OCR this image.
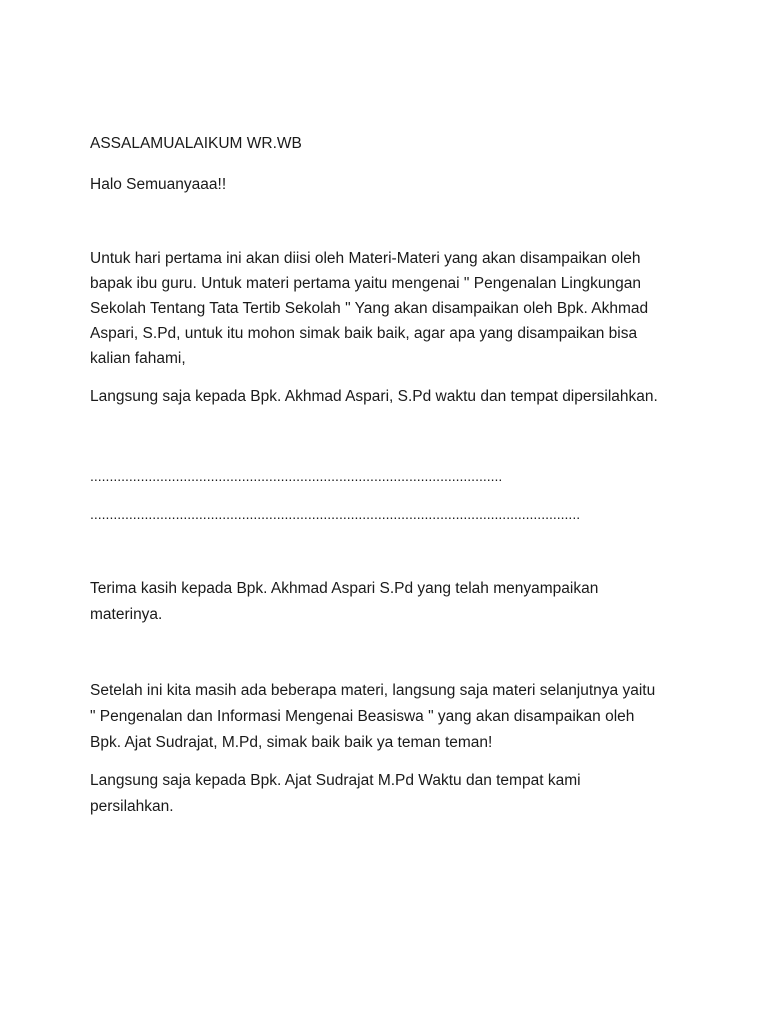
ASSALAMUALAIKUM WR.WB

Halo Semuanyaaa!!

Untuk hari pertama ini akan diisi oleh Materi-Materi yang akan disampaikan oleh

bapak ibu guru. Untuk materi pertama yaitu mengenai " Pengenalan Lingkungan

Sekolah Tentang Tata Tertib Sekolah " Yang akan disampaikan oleh Bpk. Akhmad

Aspari, S.Pd, untuk itu mohon simak baik baik, agar apa yang disampaikan bisa

kalian fahami,

Langsung saja kepada Bpk. Akhmad Aspari, S.Pd waktu dan tempat dipersilahkan.

..........................................................................................................

..............................................................................................................................

Terima kasih kepada Bpk. Akhmad Aspari S.Pd yang telah menyampaikan

materinya.

Setelah ini kita masih ada beberapa materi, langsung saja materi selanjutnya yaitu

" Pengenalan dan Informasi Mengenai Beasiswa " yang akan disampaikan oleh

Bpk. Ajat Sudrajat, M.Pd, simak baik baik ya teman teman!

Langsung saja kepada Bpk. Ajat Sudrajat M.Pd Waktu dan tempat kami

persilahkan.
